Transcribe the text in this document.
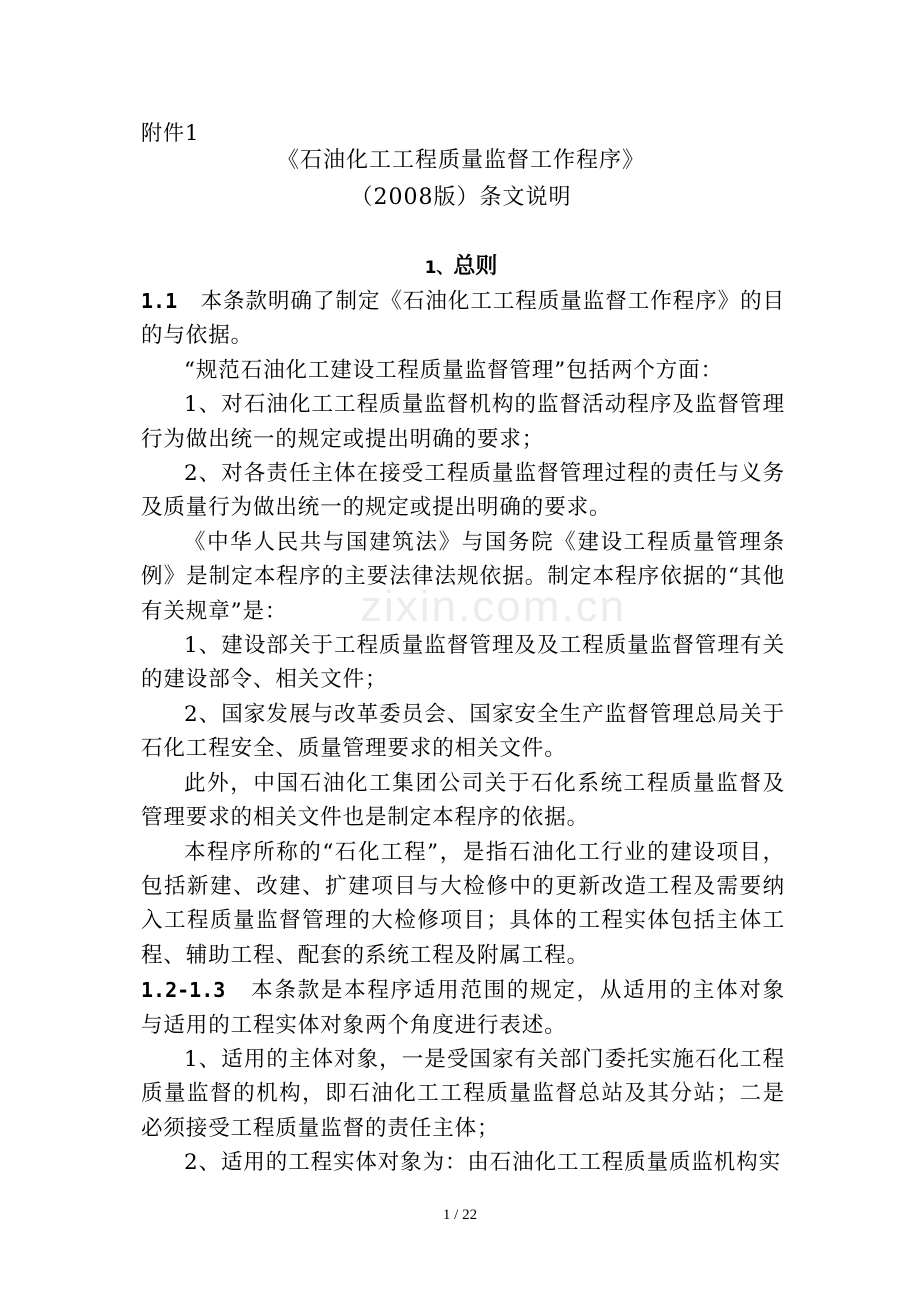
附件1
《石油化工工程质量监督工作程序》
（2008版）条文说明
1、总则
zixin.com.cn

1.1 本条款明确了制定《石油化工工程质量监督工作程序》的目的与依据。

“规范石油化工建设工程质量监督管理”包括两个方面：

1、对石油化工工程质量监督机构的监督活动程序及监督管理行为做出统一的规定或提出明确的要求；

2、对各责任主体在接受工程质量监督管理过程的责任与义务及质量行为做出统一的规定或提出明确的要求。

《中华人民共与国建筑法》与国务院《建设工程质量管理条例》是制定本程序的主要法律法规依据。制定本程序依据的“其他有关规章”是：

1、建设部关于工程质量监督管理及及工程质量监督管理有关的建设部令、相关文件；

2、国家发展与改革委员会、国家安全生产监督管理总局关于石化工程安全、质量管理要求的相关文件。

此外，中国石油化工集团公司关于石化系统工程质量监督及管理要求的相关文件也是制定本程序的依据。

本程序所称的“石化工程”，是指石油化工行业的建设项目，包括新建、改建、扩建项目与大检修中的更新改造工程及需要纳入工程质量监督管理的大检修项目；具体的工程实体包括主体工程、辅助工程、配套的系统工程及附属工程。

1.2-1.3 本条款是本程序适用范围的规定，从适用的主体对象与适用的工程实体对象两个角度进行表述。

1、适用的主体对象，一是受国家有关部门委托实施石化工程质量监督的机构，即石油化工工程质量监督总站及其分站；二是必须接受工程质量监督的责任主体；

2、适用的工程实体对象为：由石油化工工程质量质监机构实

1 / 22
